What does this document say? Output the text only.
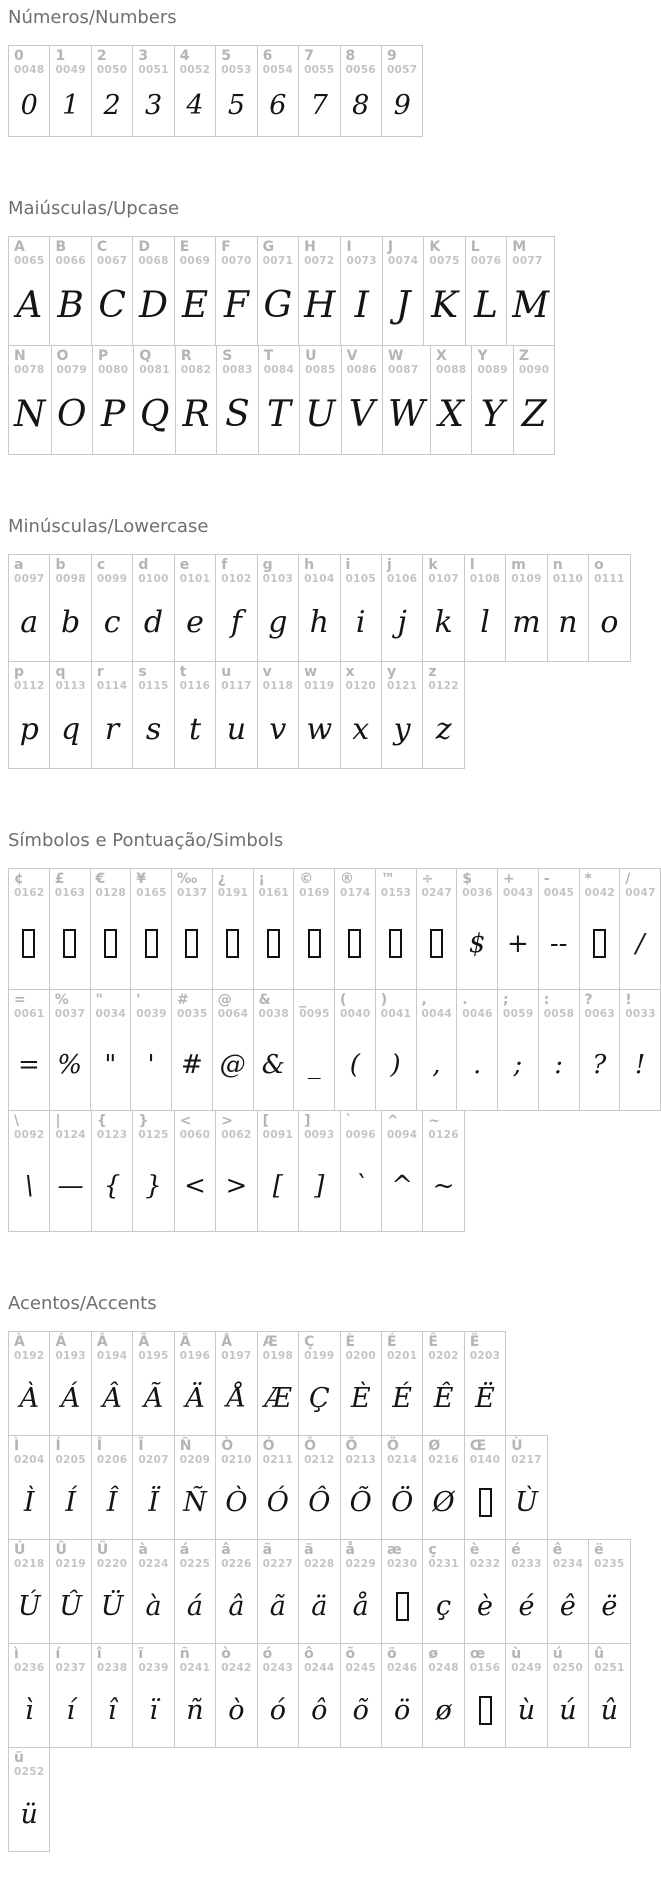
Números/Numbers
0
0048
0
1
0049
1
2
0050
2
3
0051
3
4
0052
4
5
0053
5
6
0054
6
7
0055
7
8
0056
8
9
0057
9
Maiúsculas/Upcase
A
0065
A
B
0066
B
C
0067
C
D
0068
D
E
0069
E
F
0070
F
G
0071
G
H
0072
H
I
0073
I
J
0074
J
K
0075
K
L
0076
L
M
0077
M
N
0078
N
O
0079
O
P
0080
P
Q
0081
Q
R
0082
R
S
0083
S
T
0084
T
U
0085
U
V
0086
V
W
0087
W
X
0088
X
Y
0089
Y
Z
0090
Z
Minúsculas/Lowercase
a
0097
a
b
0098
b
c
0099
c
d
0100
d
e
0101
e
f
0102
f
g
0103
g
h
0104
h
i
0105
i
j
0106
j
k
0107
k
l
0108
l
m
0109
m
n
0110
n
o
0111
o
p
0112
p
q
0113
q
r
0114
r
s
0115
s
t
0116
t
u
0117
u
v
0118
v
w
0119
w
x
0120
x
y
0121
y
z
0122
z
Símbolos e Pontuação/Simbols
¢
0162
£
0163
€
0128
¥
0165
‰
0137
¿
0191
¡
0161
©
0169
®
0174
™
0153
÷
0247
$
0036
$
+
0043
+
-
0045
--
*
0042
/
0047
/
=
0061
=
%
0037
%
"
0034
"
'
0039
'
#
0035
#
@
0064
@
&
0038
&
_
0095
_
(
0040
(
)
0041
)
,
0044
,
.
0046
.
;
0059
;
:
0058
:
?
0063
?
!
0033
!
\
0092
\
|
0124
—
{
0123
{
}
0125
}
<
0060
<
>
0062
>
[
0091
[
]
0093
]
`
0096
`
^
0094
^
~
0126
~
Acentos/Accents
À
0192
À
Á
0193
Á
Â
0194
Â
Ã
0195
Ã
Ä
0196
Ä
Å
0197
Å
Æ
0198
Æ
Ç
0199
Ç
È
0200
È
É
0201
É
Ê
0202
Ê
Ë
0203
Ë
Ì
0204
Ì
Í
0205
Í
Î
0206
Î
Ï
0207
Ï
Ñ
0209
Ñ
Ò
0210
Ò
Ó
0211
Ó
Ô
0212
Ô
Õ
0213
Õ
Ö
0214
Ö
Ø
0216
Ø
Œ
0140
Ù
0217
Ù
Ú
0218
Ú
Û
0219
Û
Ü
0220
Ü
à
0224
à
á
0225
á
â
0226
â
ã
0227
ã
ä
0228
ä
å
0229
å
æ
0230
ç
0231
ç
è
0232
è
é
0233
é
ê
0234
ê
ë
0235
ë
ì
0236
ì
í
0237
í
î
0238
î
ï
0239
ï
ñ
0241
ñ
ò
0242
ò
ó
0243
ó
ô
0244
ô
õ
0245
õ
ö
0246
ö
ø
0248
ø
œ
0156
ù
0249
ù
ú
0250
ú
û
0251
û
ü
0252
ü
